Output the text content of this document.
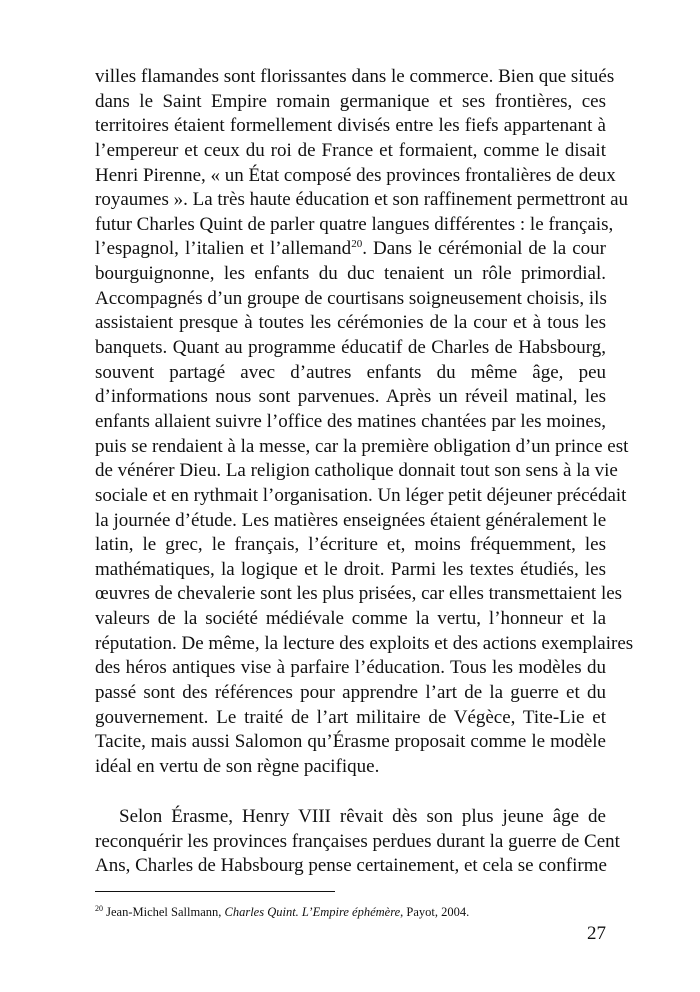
villes flamandes sont florissantes dans le commerce. Bien que situés
dans le Saint Empire romain germanique et ses frontières, ces
territoires étaient formellement divisés entre les fiefs appartenant à
l’empereur et ceux du roi de France et formaient, comme le disait
Henri Pirenne, « un État composé des provinces frontalières de deux
royaumes ». La très haute éducation et son raffinement permettront au
futur Charles Quint de parler quatre langues différentes : le français,
l’espagnol, l’italien et l’allemand$^{20}$. Dans le cérémonial de la cour
bourguignonne, les enfants du duc tenaient un rôle primordial.
Accompagnés d’un groupe de courtisans soigneusement choisis, ils
assistaient presque à toutes les cérémonies de la cour et à tous les
banquets. Quant au programme éducatif de Charles de Habsbourg,
souvent partagé avec d’autres enfants du même âge, peu
d’informations nous sont parvenues. Après un réveil matinal, les
enfants allaient suivre l’office des matines chantées par les moines,
puis se rendaient à la messe, car la première obligation d’un prince est
de vénérer Dieu. La religion catholique donnait tout son sens à la vie
sociale et en rythmait l’organisation. Un léger petit déjeuner précédait
la journée d’étude. Les matières enseignées étaient généralement le
latin, le grec, le français, l’écriture et, moins fréquemment, les
mathématiques, la logique et le droit. Parmi les textes étudiés, les
œuvres de chevalerie sont les plus prisées, car elles transmettaient les
valeurs de la société médiévale comme la vertu, l’honneur et la
réputation. De même, la lecture des exploits et des actions exemplaires
des héros antiques vise à parfaire l’éducation. Tous les modèles du
passé sont des références pour apprendre l’art de la guerre et du
gouvernement. Le traité de l’art militaire de Végèce, Tite-Lie et
Tacite, mais aussi Salomon qu’Érasme proposait comme le modèle
idéal en vertu de son règne pacifique.
Selon Érasme, Henry VIII rêvait dès son plus jeune âge de
reconquérir les provinces françaises perdues durant la guerre de Cent
Ans, Charles de Habsbourg pense certainement, et cela se confirme
$^{20}$ Jean-Michel Sallmann, Charles Quint. L’Empire éphémère, Payot, 2004.
27
